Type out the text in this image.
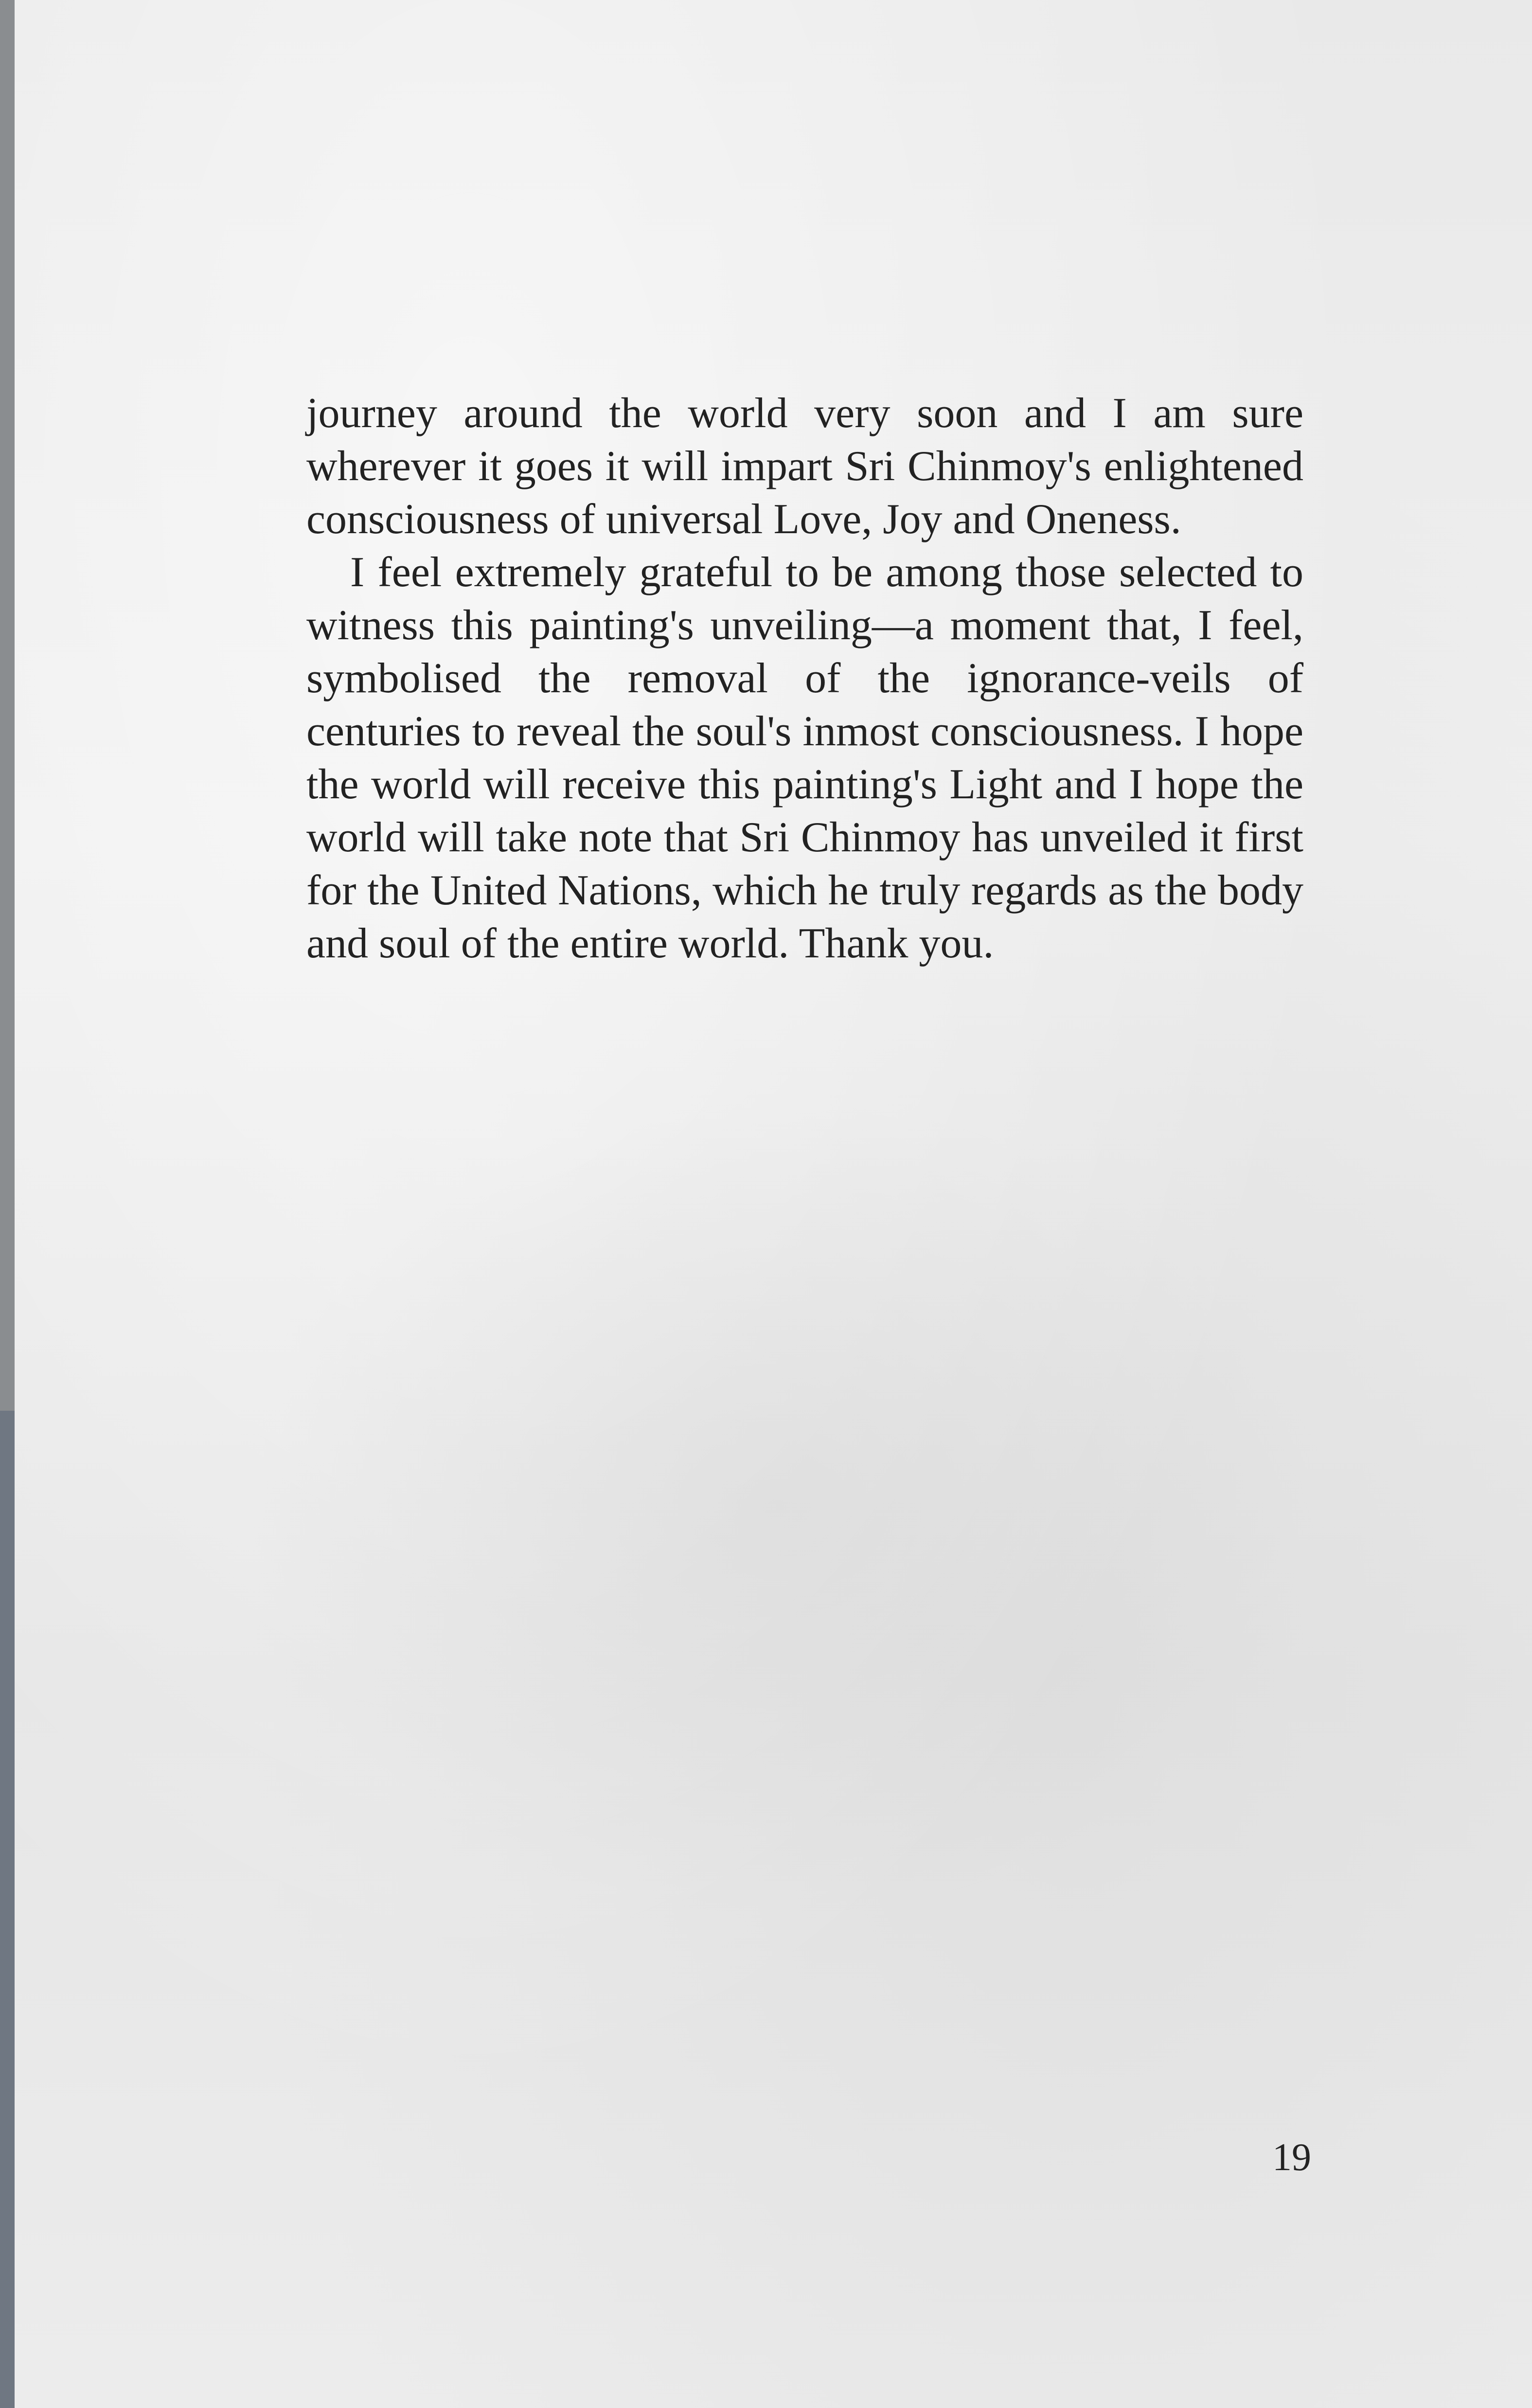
journey around the world very soon and I am sure wherever it goes it will impart Sri Chinmoy's enlightened consciousness of universal Love, Joy and Oneness.

I feel extremely grateful to be among those selected to witness this painting's unveiling—a moment that, I feel, symbolised the removal of the ignorance-veils of centuries to reveal the soul's inmost consciousness. I hope the world will receive this painting's Light and I hope the world will take note that Sri Chinmoy has unveiled it first for the United Nations, which he truly regards as the body and soul of the entire world. Thank you.

19
